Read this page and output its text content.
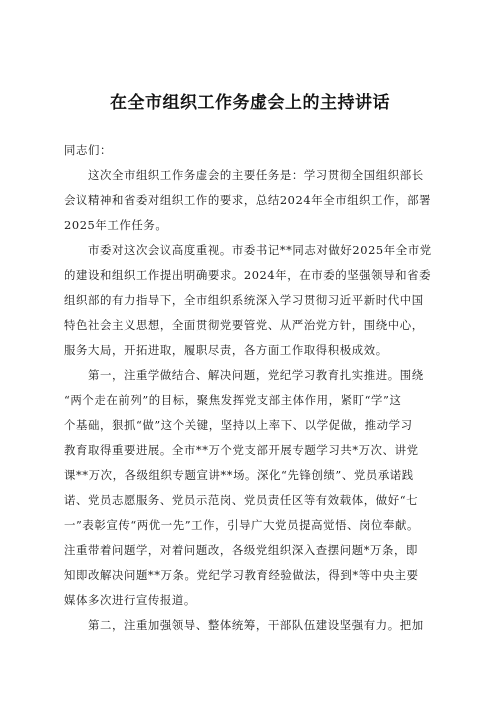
在全市组织工作务虚会上的主持讲话

同志们：

　　这次全市组织工作务虚会的主要任务是：学习贯彻全国组织部长
会议精神和省委对组织工作的要求，总结2024年全市组织工作，部署
2025年工作任务。

　　市委对这次会议高度重视。市委书记**同志对做好2025年全市党
的建设和组织工作提出明确要求。2024年，在市委的坚强领导和省委
组织部的有力指导下，全市组织系统深入学习贯彻习近平新时代中国
特色社会主义思想，全面贯彻党要管党、从严治党方针，围绕中心，
服务大局，开拓进取，履职尽责，各方面工作取得积极成效。

　　第一，注重学做结合、解决问题，党纪学习教育扎实推进。围绕
“两个走在前列”的目标，聚焦发挥党支部主体作用，紧盯“学”这
个基础，狠抓“做”这个关键，坚持以上率下、以学促做，推动学习
教育取得重要进展。全市**万个党支部开展专题学习共*万次、讲党
课**万次，各级组织专题宣讲**场。深化“先锋创绩”、党员承诺践
诺、党员志愿服务、党员示范岗、党员责任区等有效载体，做好“七
一”表彰宣传“两优一先”工作，引导广大党员提高觉悟、岗位奉献。
注重带着问题学，对着问题改，各级党组织深入查摆问题*万条，即
知即改解决问题**万条。党纪学习教育经验做法，得到*等中央主要
媒体多次进行宣传报道。

　　第二，注重加强领导、整体统筹，干部队伍建设坚强有力。把加
